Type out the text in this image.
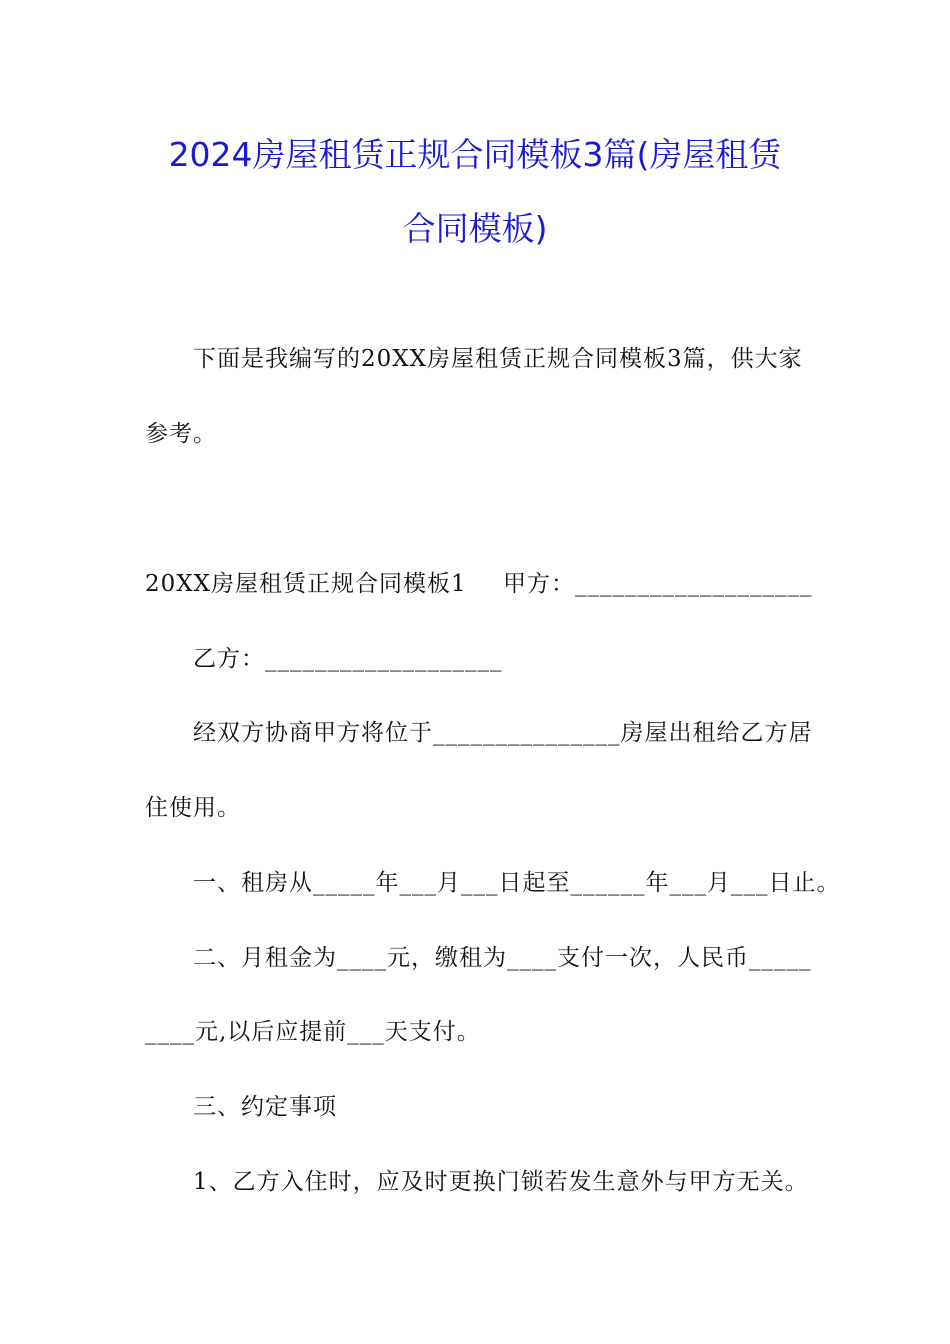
2024房屋租赁正规合同模板3篇(房屋租赁
合同模板)
下面是我编写的20XX房屋租赁正规合同模板3篇，供大家
参考。
20XX房屋租赁正规合同模板1 甲方：___________________
乙方：___________________
经双方协商甲方将位于_______________房屋出租给乙方居
住使用。
一、租房从_____年___月___日起至______年___月___日止。
二、月租金为____元，缴租为____支付一次，人民币_____
____元,以后应提前___天支付。
三、约定事项
1、乙方入住时，应及时更换门锁若发生意外与甲方无关。
